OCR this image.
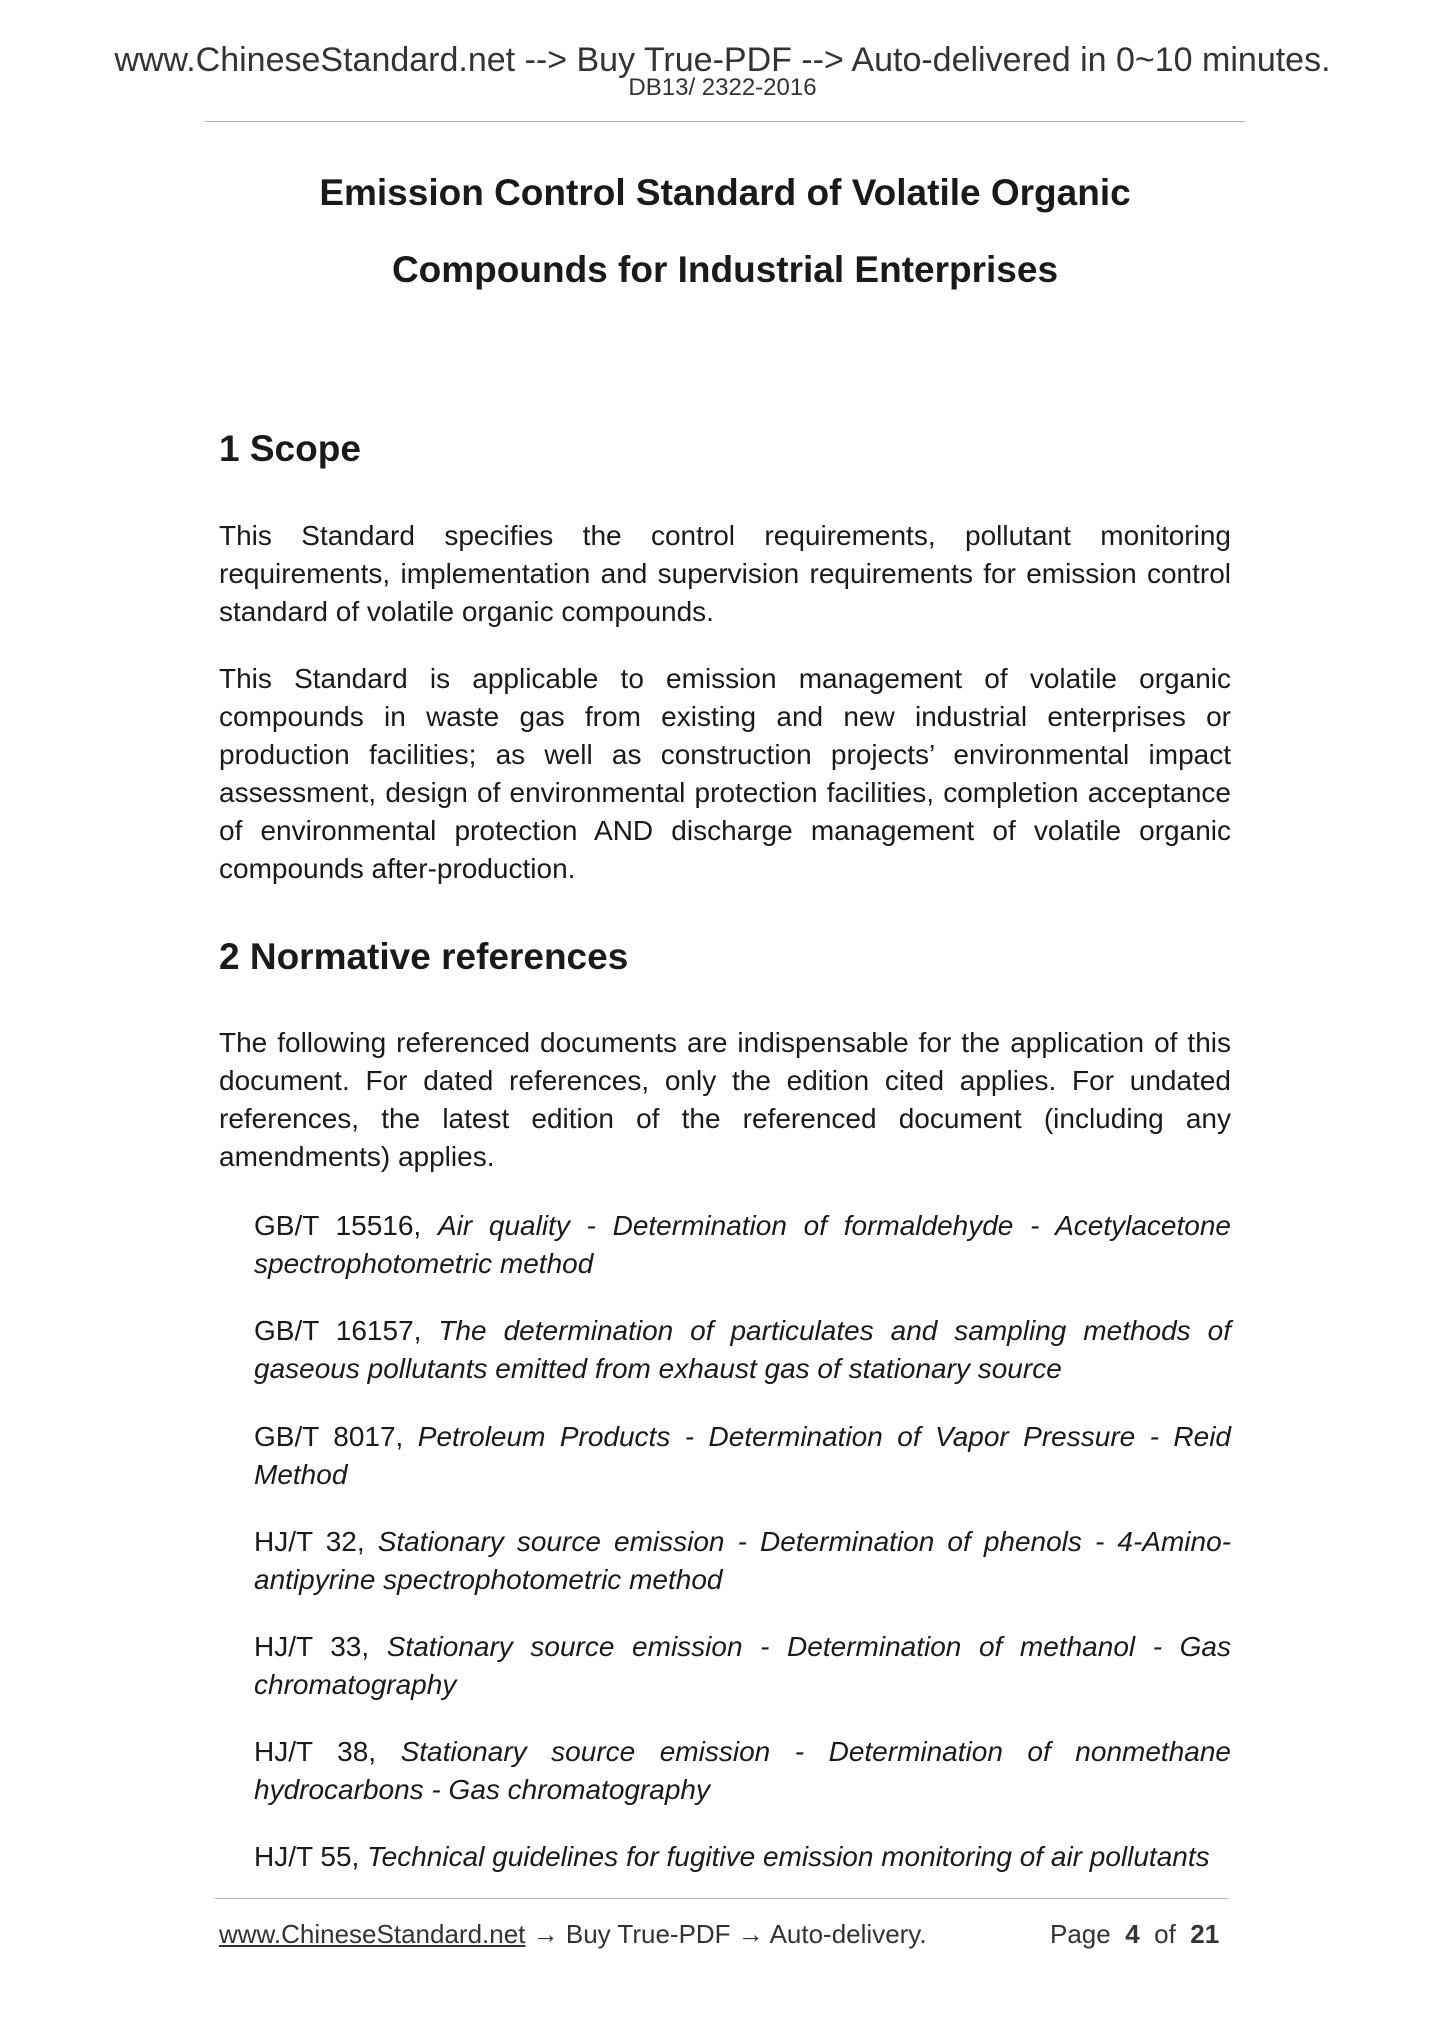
www.ChineseStandard.net --> Buy True-PDF --> Auto-delivered in 0~10 minutes.
DB13/ 2322-2016
Emission Control Standard of Volatile Organic
Compounds for Industrial Enterprises
1 Scope
This Standard specifies the control requirements, pollutant monitoring requirements, implementation and supervision requirements for emission control standard of volatile organic compounds.
This Standard is applicable to emission management of volatile organic compounds in waste gas from existing and new industrial enterprises or production facilities; as well as construction projects’ environmental impact assessment, design of environmental protection facilities, completion acceptance of environmental protection AND discharge management of volatile organic compounds after-production.
2 Normative references
The following referenced documents are indispensable for the application of this document. For dated references, only the edition cited applies. For undated references, the latest edition of the referenced document (including any amendments) applies.
GB/T 15516, Air quality - Determination of formaldehyde - Acetylacetone spectrophotometric method
GB/T 16157, The determination of particulates and sampling methods of gaseous pollutants emitted from exhaust gas of stationary source
GB/T 8017, Petroleum Products - Determination of Vapor Pressure - Reid Method
HJ/T 32, Stationary source emission - Determination of phenols - 4-Amino-antipyrine spectrophotometric method
HJ/T 33, Stationary source emission - Determination of methanol - Gas chromatography
HJ/T 38, Stationary source emission - Determination of nonmethane hydrocarbons - Gas chromatography
HJ/T 55, Technical guidelines for fugitive emission monitoring of air pollutants
www.ChineseStandard.net → Buy True-PDF → Auto-delivery.	Page 4 of 21
